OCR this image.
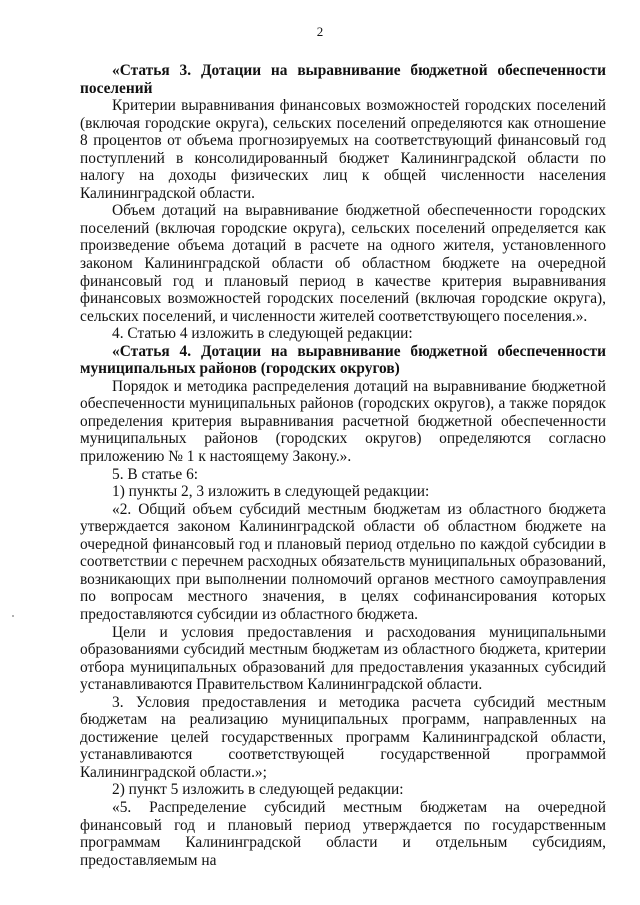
2

«Статья 3. Дотации на выравнивание бюджетной обеспеченности поселений

Критерии выравнивания финансовых возможностей городских поселений (включая городские округа), сельских поселений определяются как отношение 8 процентов от объема прогнозируемых на соответствующий финансовый год поступлений в консолидированный бюджет Калининградской области по налогу на доходы физических лиц к общей численности населения Калининградской области.

Объем дотаций на выравнивание бюджетной обеспеченности городских поселений (включая городские округа), сельских поселений определяется как произведение объема дотаций в расчете на одного жителя, установленного законом Калининградской области об областном бюджете на очередной финансовый год и плановый период в качестве критерия выравнивания финансовых возможностей городских поселений (включая городские округа), сельских поселений, и численности жителей соответствующего поселения.».

4. Статью 4 изложить в следующей редакции:

«Статья 4. Дотации на выравнивание бюджетной обеспеченности муниципальных районов (городских округов)

Порядок и методика распределения дотаций на выравнивание бюджетной обеспеченности муниципальных районов (городских округов), а также порядок определения критерия выравнивания расчетной бюджетной обеспеченности муниципальных районов (городских округов) определяются согласно приложению № 1 к настоящему Закону.».

5. В статье 6:

1) пункты 2, 3 изложить в следующей редакции:

«2. Общий объем субсидий местным бюджетам из областного бюджета утверждается законом Калининградской области об областном бюджете на очередной финансовый год и плановый период отдельно по каждой субсидии в соответствии с перечнем расходных обязательств муниципальных образований, возникающих при выполнении полномочий органов местного самоуправления по вопросам местного значения, в целях софинансирования которых предоставляются субсидии из областного бюджета.

Цели и условия предоставления и расходования муниципальными образованиями субсидий местным бюджетам из областного бюджета, критерии отбора муниципальных образований для предоставления указанных субсидий устанавливаются Правительством Калининградской области.

3. Условия предоставления и методика расчета субсидий местным бюджетам на реализацию муниципальных программ, направленных на достижение целей государственных программ Калининградской области, устанавливаются соответствующей государственной программой Калининградской области.»;

2) пункт 5 изложить в следующей редакции:

«5. Распределение субсидий местным бюджетам на очередной финансовый год и плановый период утверждается по государственным программам Калининградской области и отдельным субсидиям, предоставляемым на
